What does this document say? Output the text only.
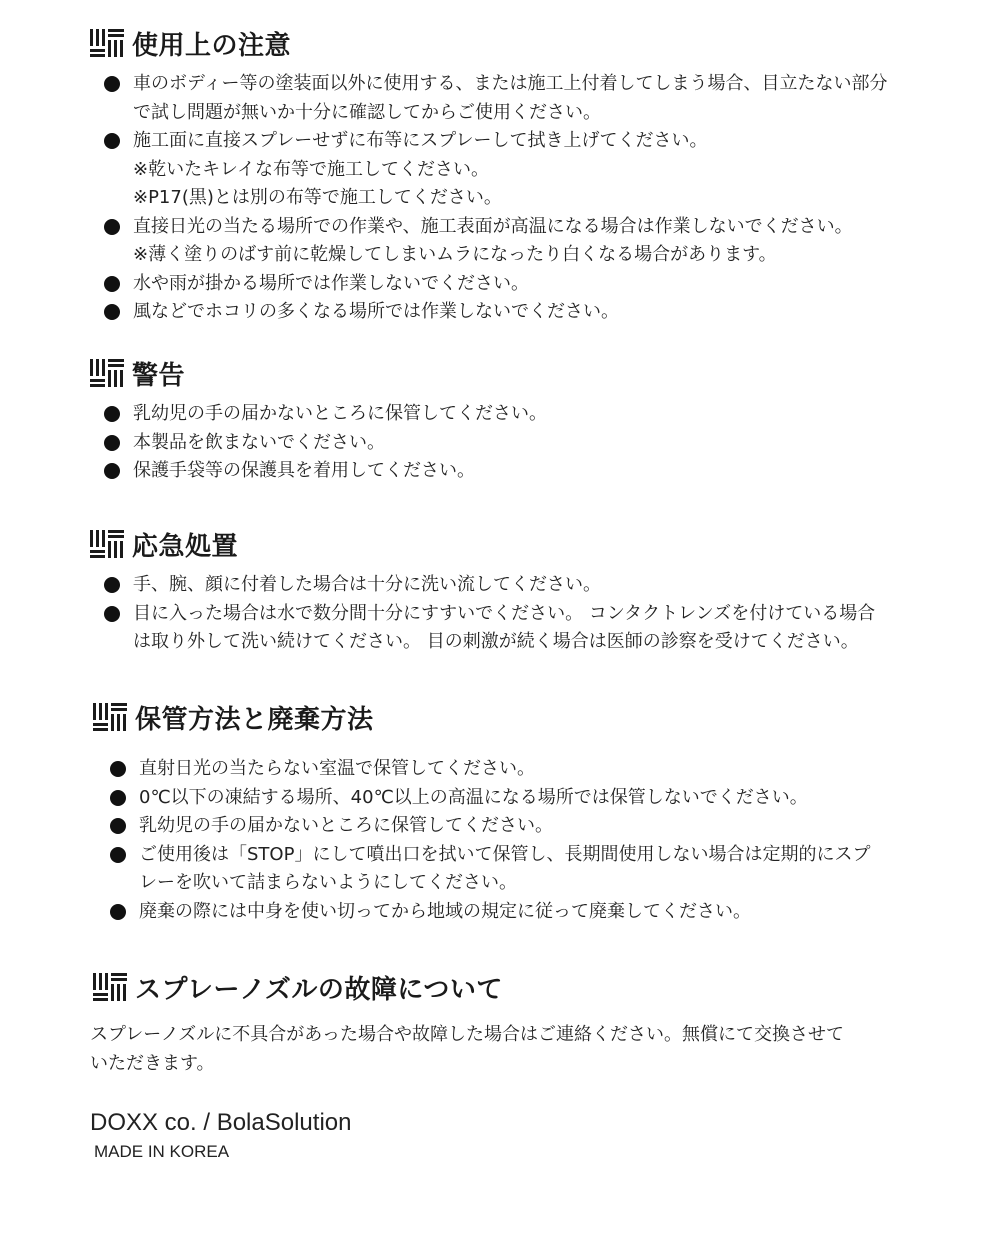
使用上の注意
車のボディー等の塗装面以外に使用する、または施工上付着してしまう場合、目立たない部分
で試し問題が無いか十分に確認してからご使用ください。
施工面に直接スプレーせずに布等にスプレーして拭き上げてください。
※乾いたキレイな布等で施工してください。
※P17(黒)とは別の布等で施工してください。
直接日光の当たる場所での作業や、施工表面が高温になる場合は作業しないでください。
※薄く塗りのばす前に乾燥してしまいムラになったり白くなる場合があります。
水や雨が掛かる場所では作業しないでください。
風などでホコリの多くなる場所では作業しないでください。
警告
乳幼児の手の届かないところに保管してください。
本製品を飲まないでください。
保護手袋等の保護具を着用してください。
応急処置
手、腕、顔に付着した場合は十分に洗い流してください。
目に入った場合は水で数分間十分にすすいでください。 コンタクトレンズを付けている場合
は取り外して洗い続けてください。 目の刺激が続く場合は医師の診察を受けてください。
保管方法と廃棄方法
直射日光の当たらない室温で保管してください。
0℃以下の凍結する場所、40℃以上の高温になる場所では保管しないでください。
乳幼児の手の届かないところに保管してください。
ご使用後は「STOP」にして噴出口を拭いて保管し、長期間使用しない場合は定期的にスプ
レーを吹いて詰まらないようにしてください。
廃棄の際には中身を使い切ってから地域の規定に従って廃棄してください。
スプレーノズルの故障について
スプレーノズルに不具合があった場合や故障した場合はご連絡ください。無償にて交換させて
いただきます。
DOXX co. / BolaSolution
MADE IN KOREA
